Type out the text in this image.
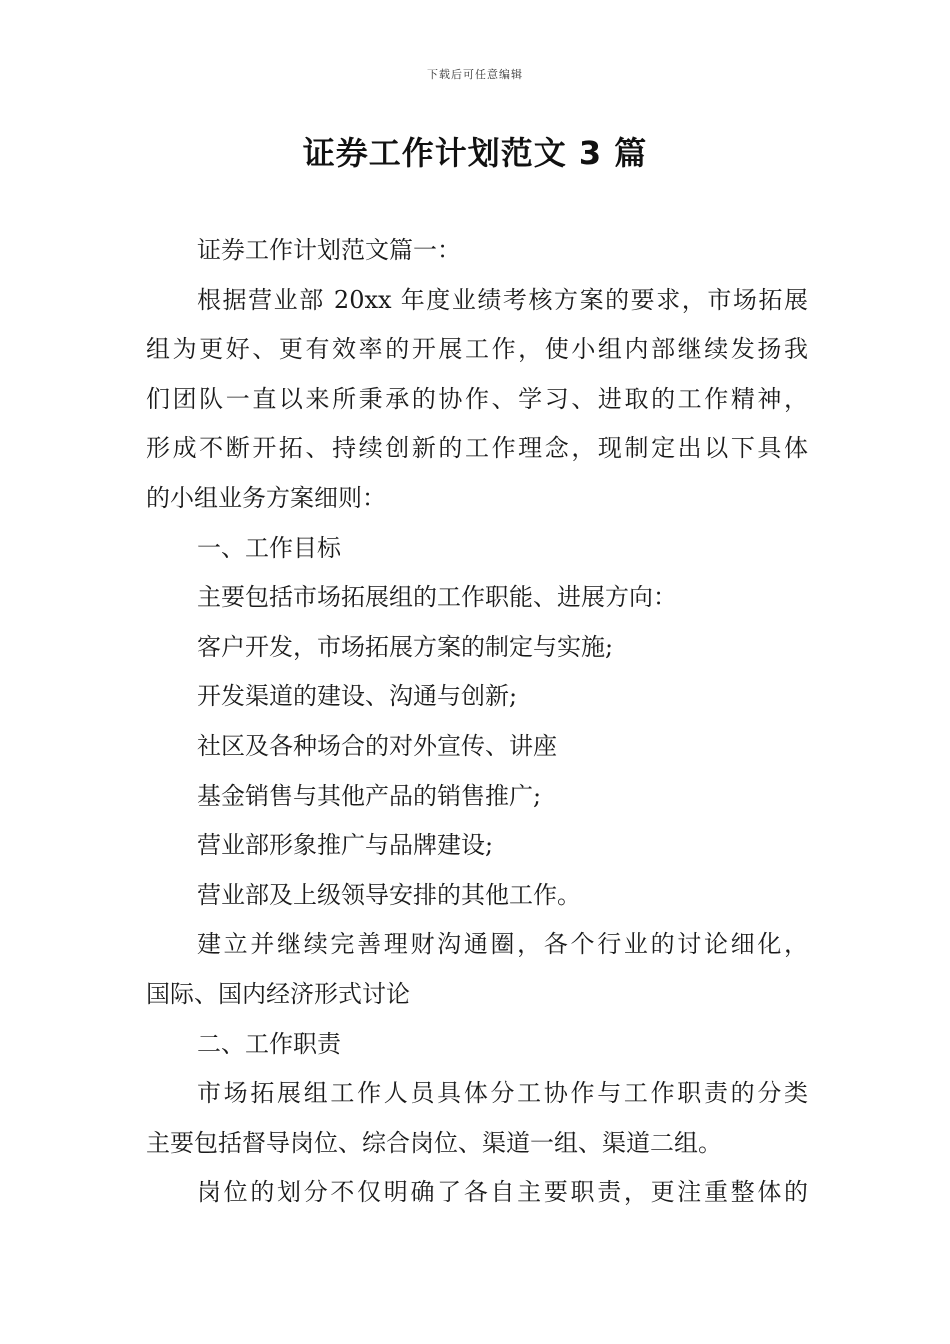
下载后可任意编辑
证券工作计划范文 3 篇
证券工作计划范文篇一：
根据营业部 20xx 年度业绩考核方案的要求，市场拓展
组为更好、更有效率的开展工作，使小组内部继续发扬我
们团队一直以来所秉承的协作、学习、进取的工作精神，
形成不断开拓、持续创新的工作理念，现制定出以下具体
的小组业务方案细则：
一、工作目标
主要包括市场拓展组的工作职能、进展方向：
客户开发，市场拓展方案的制定与实施;
开发渠道的建设、沟通与创新;
社区及各种场合的对外宣传、讲座
基金销售与其他产品的销售推广;
营业部形象推广与品牌建设;
营业部及上级领导安排的其他工作。
建立并继续完善理财沟通圈，各个行业的讨论细化，
国际、国内经济形式讨论
二、工作职责
市场拓展组工作人员具体分工协作与工作职责的分类
主要包括督导岗位、综合岗位、渠道一组、渠道二组。
岗位的划分不仅明确了各自主要职责，更注重整体的
